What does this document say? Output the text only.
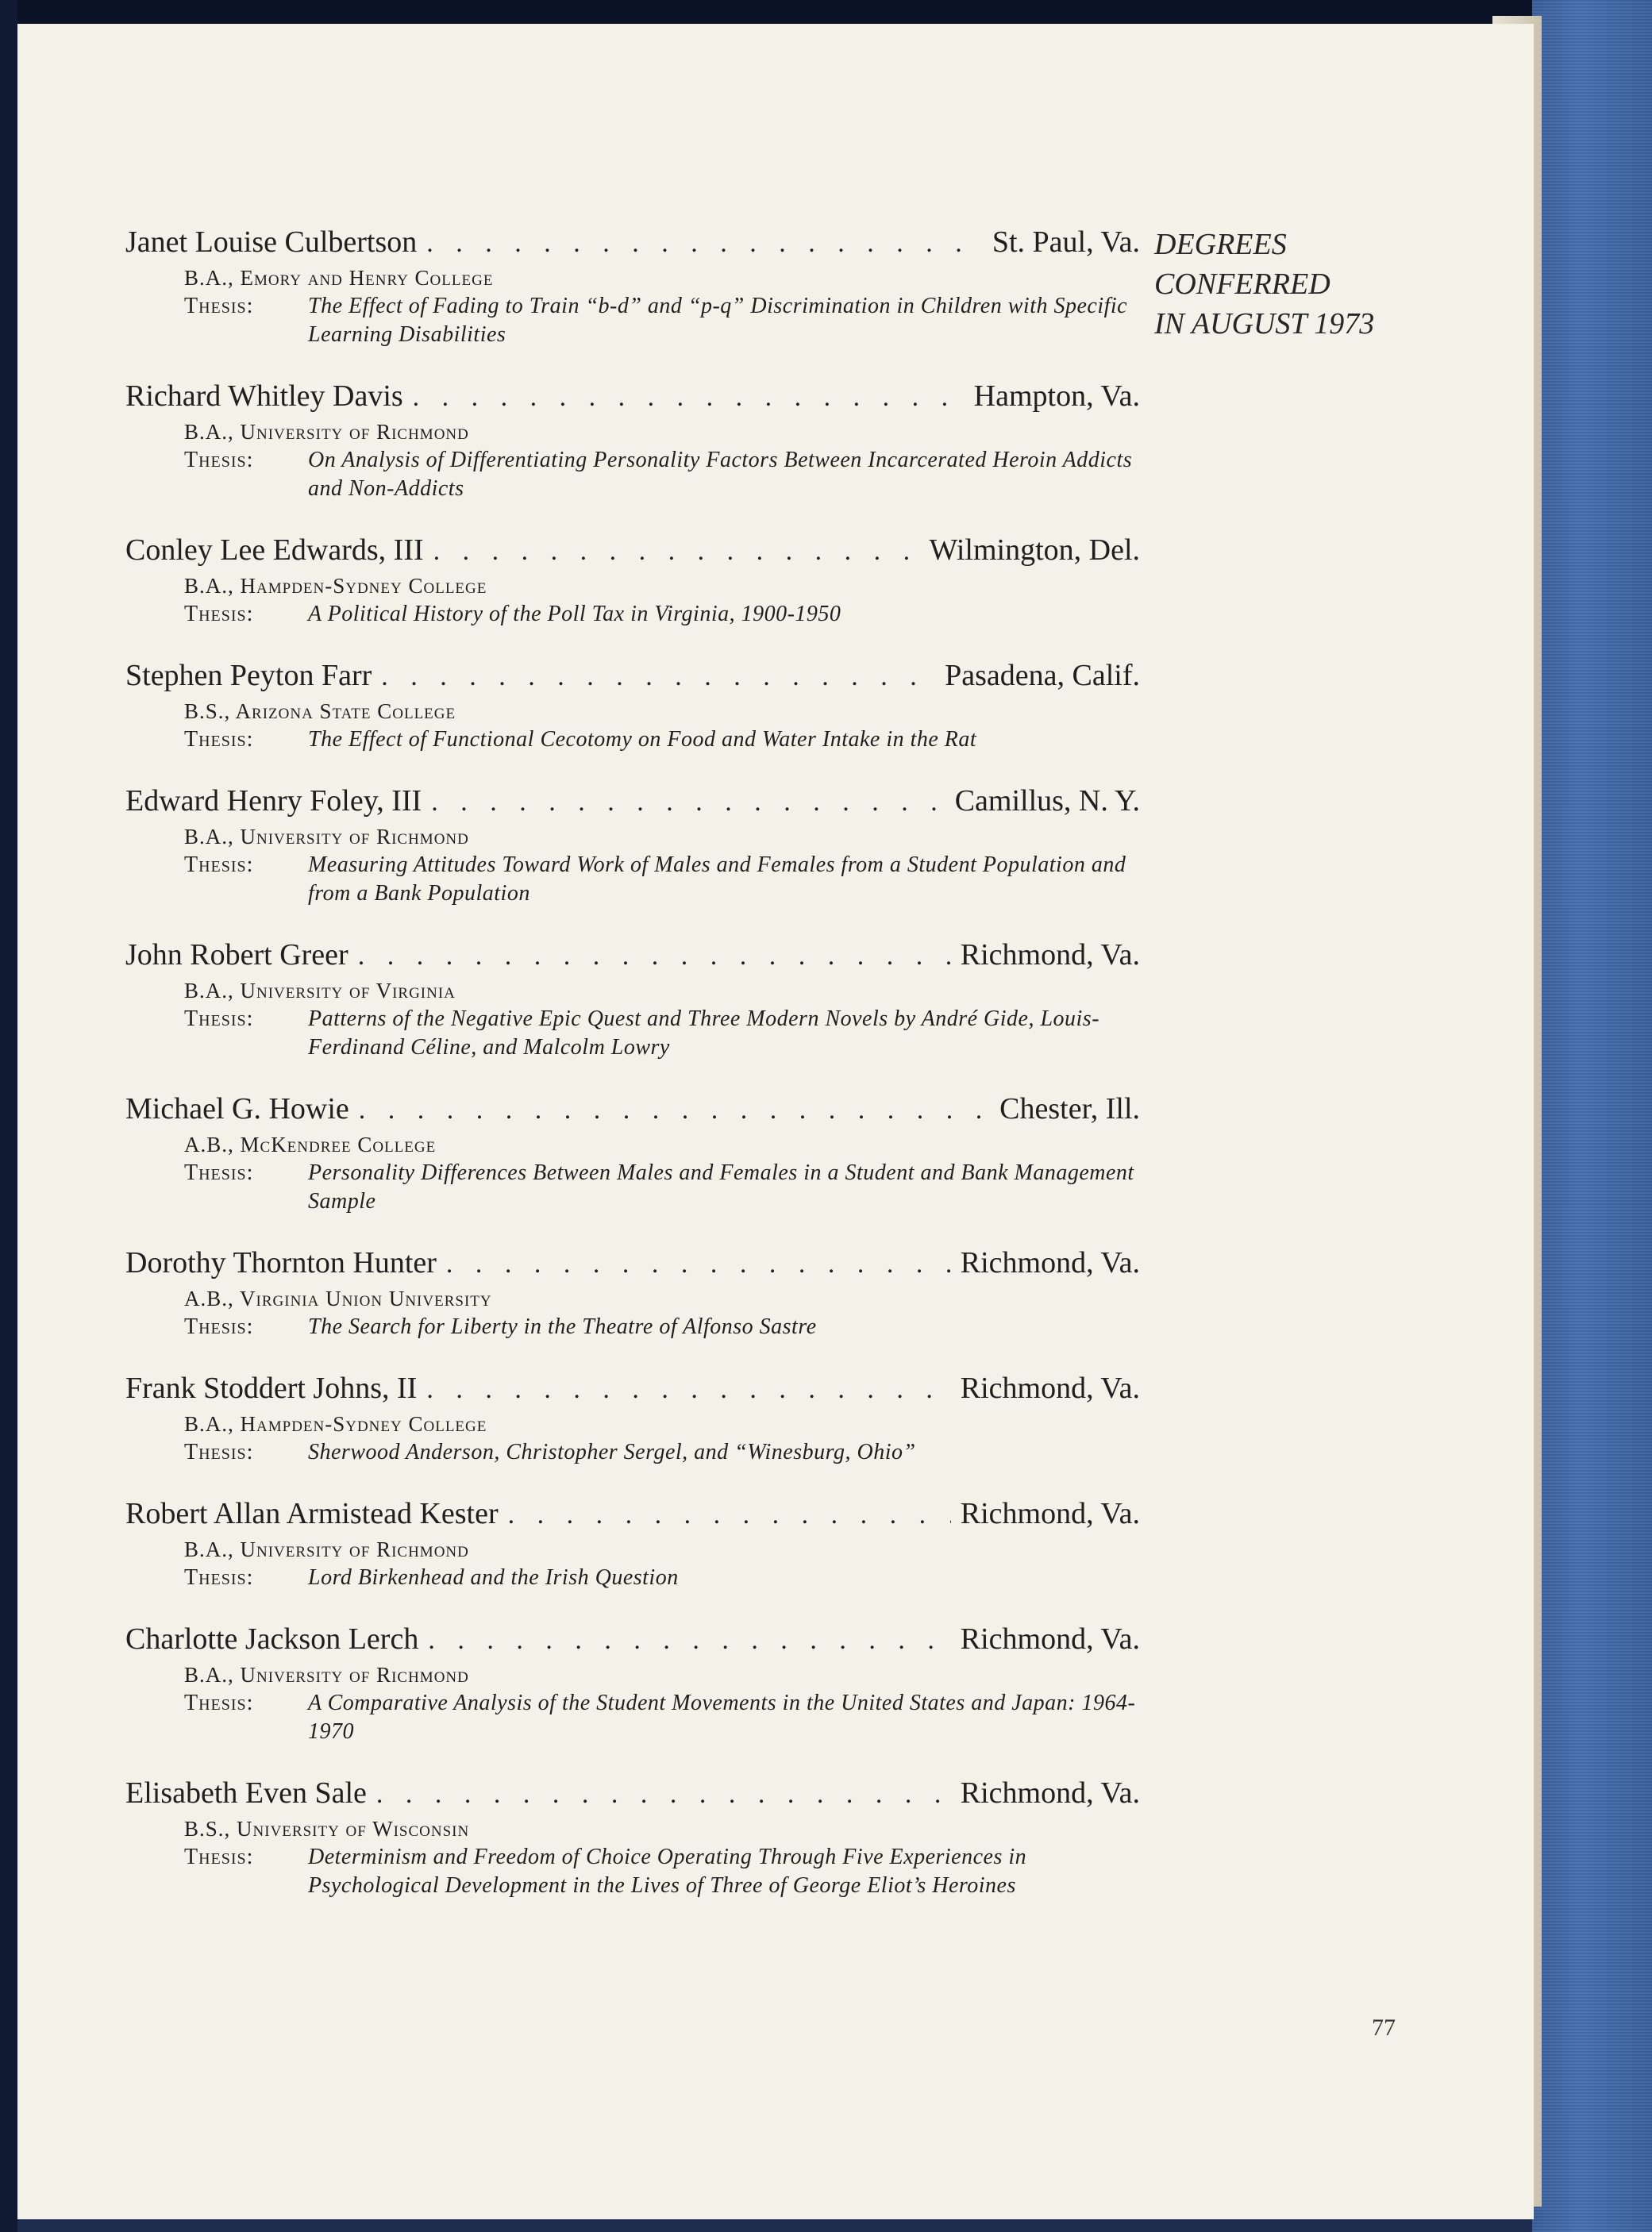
DEGREES
CONFERRED
IN AUGUST 1973
Janet Louise Culbertson . . .	St. Paul, Va.
B.A., Emory and Henry College
Thesis:	The Effect of Fading to Train “b-d” and “p-q” Discrimination in Children with Specific Learning Disabilities
Richard Whitley Davis . . .	Hampton, Va.
B.A., University of Richmond
Thesis:	On Analysis of Differentiating Personality Factors Between Incarcerated Heroin Addicts and Non-Addicts
Conley Lee Edwards, III . . .	Wilmington, Del.
B.A., Hampden-Sydney College
Thesis:	A Political History of the Poll Tax in Virginia, 1900-1950
Stephen Peyton Farr . . .	Pasadena, Calif.
B.S., Arizona State College
Thesis:	The Effect of Functional Cecotomy on Food and Water Intake in the Rat
Edward Henry Foley, III . . .	Camillus, N. Y.
B.A., University of Richmond
Thesis:	Measuring Attitudes Toward Work of Males and Females from a Student Population and from a Bank Population
John Robert Greer . . .	Richmond, Va.
B.A., University of Virginia
Thesis:	Patterns of the Negative Epic Quest and Three Modern Novels by André Gide, Louis-Ferdinand Céline, and Malcolm Lowry
Michael G. Howie . . .	Chester, Ill.
A.B., McKendree College
Thesis:	Personality Differences Between Males and Females in a Student and Bank Management Sample
Dorothy Thornton Hunter . . .	Richmond, Va.
A.B., Virginia Union University
Thesis:	The Search for Liberty in the Theatre of Alfonso Sastre
Frank Stoddert Johns, II . . .	Richmond, Va.
B.A., Hampden-Sydney College
Thesis:	Sherwood Anderson, Christopher Sergel, and “Winesburg, Ohio”
Robert Allan Armistead Kester . . .	Richmond, Va.
B.A., University of Richmond
Thesis:	Lord Birkenhead and the Irish Question
Charlotte Jackson Lerch . . .	Richmond, Va.
B.A., University of Richmond
Thesis:	A Comparative Analysis of the Student Movements in the United States and Japan: 1964-1970
Elisabeth Even Sale . . .	Richmond, Va.
B.S., University of Wisconsin
Thesis:	Determinism and Freedom of Choice Operating Through Five Experiences in Psychological Development in the Lives of Three of George Eliot’s Heroines
77
